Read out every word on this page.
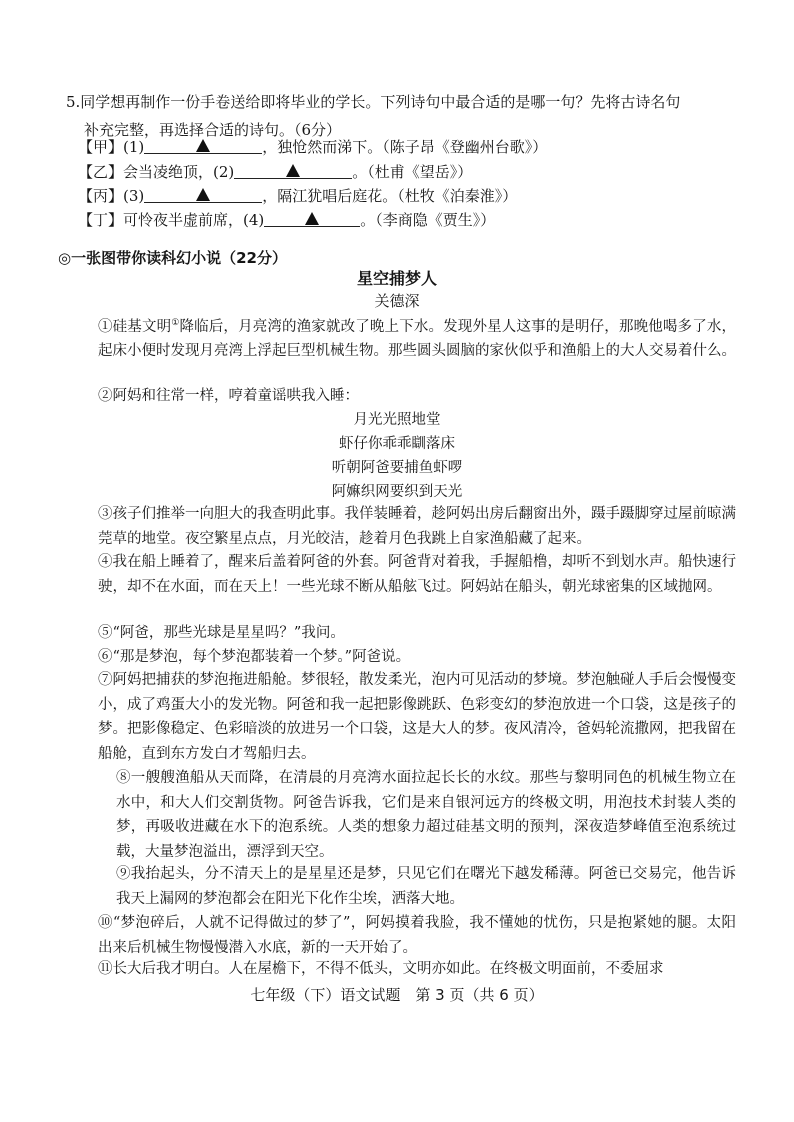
5.同学想再制作一份手卷送给即将毕业的学长。下列诗句中最合适的是哪一句？先将古诗名句
补充完整，再选择合适的诗句。（6分）
【甲】(1)	，独怆然而涕下。（陈子昂《登幽州台歌》）
【乙】会当凌绝顶，(2)	。（杜甫《望岳》）
【丙】(3)	，隔江犹唱后庭花。（杜牧《泊秦淮》）
【丁】可怜夜半虚前席，(4)	。（李商隐《贾生》）
◎一张图带你读科幻小说（22分）
星空捕梦人
关德深
①硅基文明①降临后，月亮湾的渔家就改了晚上下水。发现外星人这事的是明仔，那晚他喝多了水，起床小便时发现月亮湾上浮起巨型机械生物。那些圆头圆脑的家伙似乎和渔船上的大人交易着什么。
②阿妈和往常一样，哼着童谣哄我入睡：
月光光照地堂
虾仔你乖乖瞓落床
听朝阿爸要捕鱼虾啰
阿嫲织网要织到天光
③孩子们推举一向胆大的我查明此事。我佯装睡着，趁阿妈出房后翻窗出外，蹑手蹑脚穿过屋前晾满莞草的地堂。夜空繁星点点，月光皎洁，趁着月色我跳上自家渔船藏了起来。
④我在船上睡着了，醒来后盖着阿爸的外套。阿爸背对着我，手握船橹，却听不到划水声。船快速行驶，却不在水面，而在天上！一些光球不断从船舷飞过。阿妈站在船头，朝光球密集的区域抛网。
⑤“阿爸，那些光球是星星吗？”我问。
⑥“那是梦泡，每个梦泡都装着一个梦。”阿爸说。
⑦阿妈把捕获的梦泡拖进船舱。梦很轻，散发柔光，泡内可见活动的梦境。梦泡触碰人手后会慢慢变小，成了鸡蛋大小的发光物。阿爸和我一起把影像跳跃、色彩变幻的梦泡放进一个口袋，这是孩子的梦。把影像稳定、色彩暗淡的放进另一个口袋，这是大人的梦。夜风清冷，爸妈轮流撒网，把我留在船舱，直到东方发白才驾船归去。
⑧一艘艘渔船从天而降，在清晨的月亮湾水面拉起长长的水纹。那些与黎明同色的机械生物立在水中，和大人们交割货物。阿爸告诉我，它们是来自银河远方的终极文明，用泡技术封装人类的梦，再吸收进藏在水下的泡系统。人类的想象力超过硅基文明的预判，深夜造梦峰值至泡系统过载，大量梦泡溢出，漂浮到天空。
⑨我抬起头，分不清天上的是星星还是梦，只见它们在曙光下越发稀薄。阿爸已交易完，他告诉我天上漏网的梦泡都会在阳光下化作尘埃，洒落大地。
⑩“梦泡碎后，人就不记得做过的梦了”，阿妈摸着我脸，我不懂她的忧伤，只是抱紧她的腿。太阳出来后机械生物慢慢潜入水底，新的一天开始了。
⑪长大后我才明白。人在屋檐下，不得不低头，文明亦如此。在终极文明面前，不委屈求
七年级（下）语文试题　第 3 页（共 6 页）
